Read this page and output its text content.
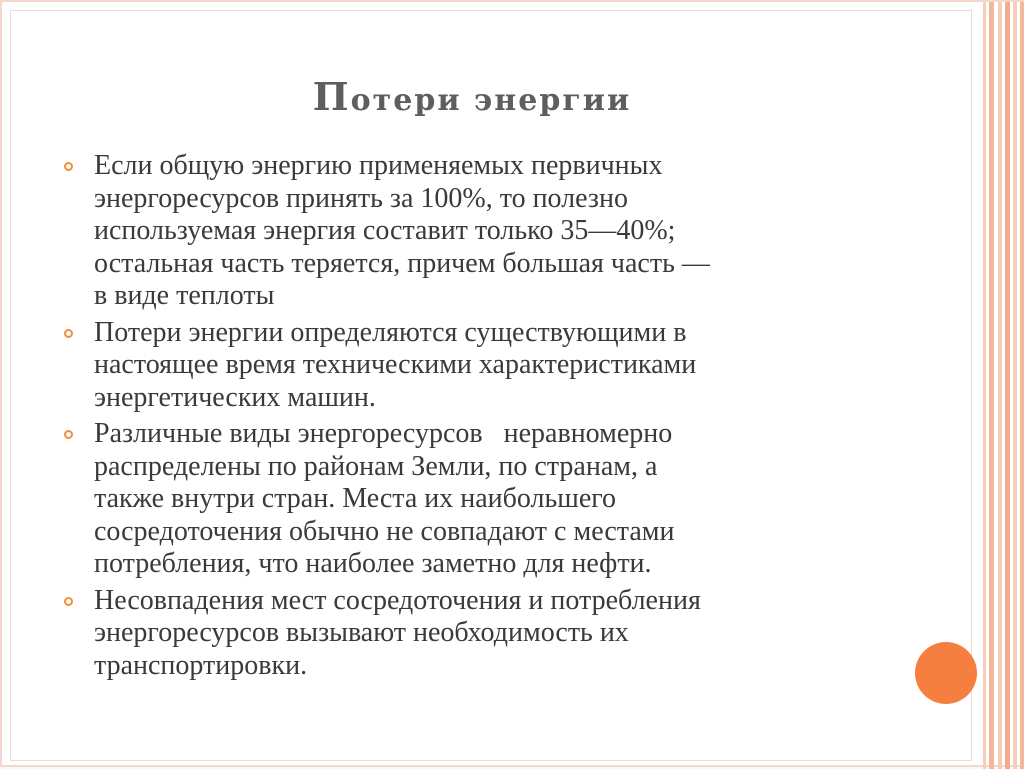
Потери энергии
Если общую энергию применяемых первичных
энергоресурсов принять за 100%, то полезно
используемая энергия составит только 35—40%;
остальная часть теряется, причем большая часть —
в виде теплоты
Потери энергии определяются существующими в
настоящее время техническими характеристиками
энергетических машин.
Различные виды энергоресурсов   неравномерно
распределены по районам Земли, по странам, а
также внутри стран. Места их наибольшего
сосредоточения обычно не совпадают с местами
потребления, что наиболее заметно для нефти.
Несовпадения мест сосредоточения и потребления
энергоресурсов вызывают необходимость их
транспортировки.
